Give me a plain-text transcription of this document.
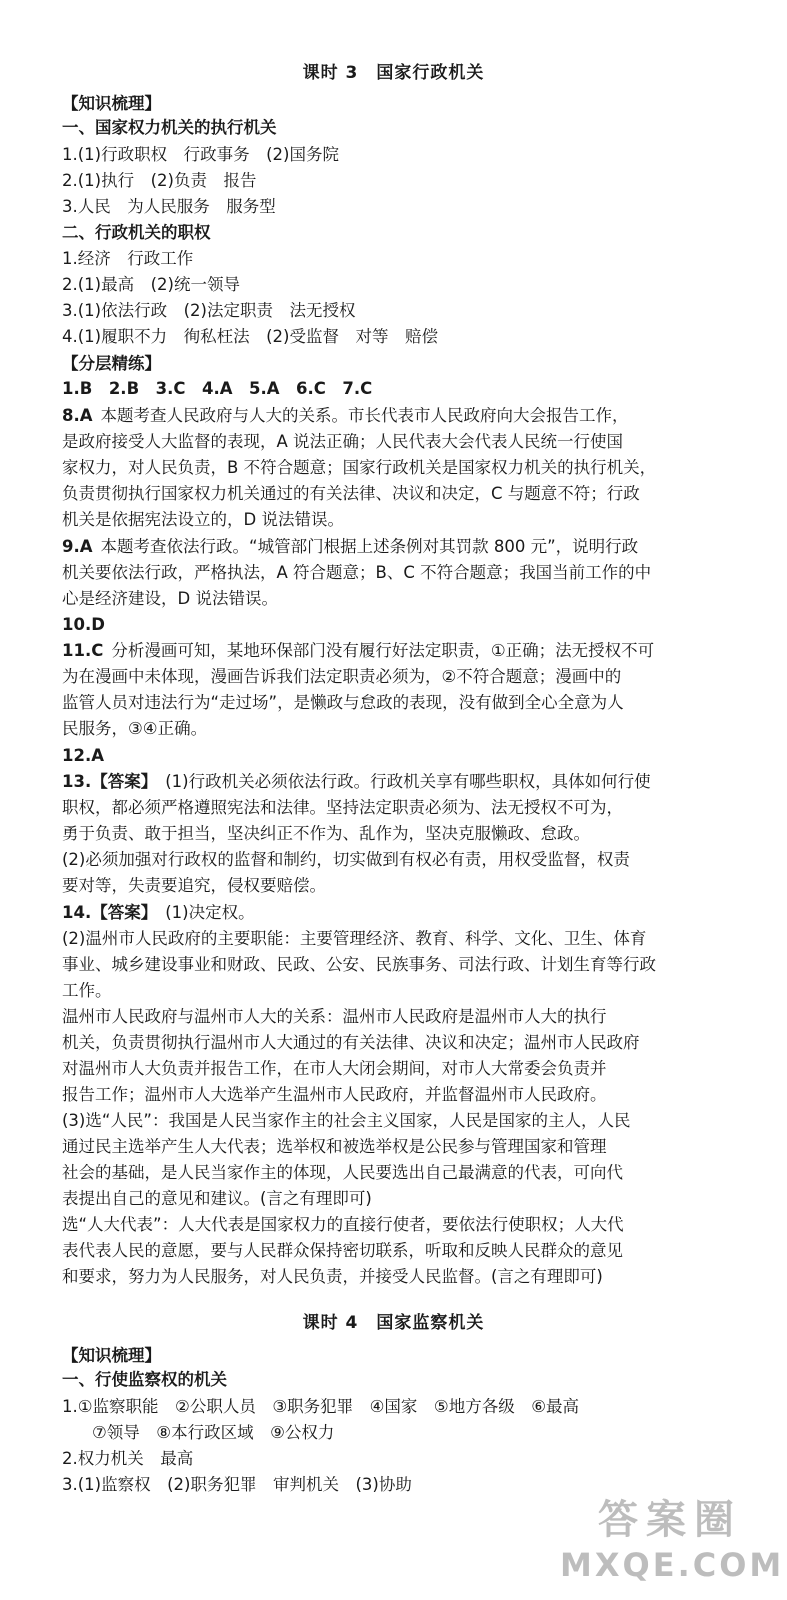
课时 3　国家行政机关
【知识梳理】
一、国家权力机关的执行机关
1.(1)行政职权　行政事务　(2)国务院
2.(1)执行　(2)负责　报告
3.人民　为人民服务　服务型
二、行政机关的职权
1.经济　行政工作
2.(1)最高　(2)统一领导
3.(1)依法行政　(2)法定职责　法无授权
4.(1)履职不力　徇私枉法　(2)受监督　对等　赔偿
【分层精练】
1.B　2.B　3.C　4.A　5.A　6.C　7.C
8.A 本题考查人民政府与人大的关系。市长代表市人民政府向大会报告工作，
是政府接受人大监督的表现，A 说法正确；人民代表大会代表人民统一行使国
家权力，对人民负责，B 不符合题意；国家行政机关是国家权力机关的执行机关，
负责贯彻执行国家权力机关通过的有关法律、决议和决定，C 与题意不符；行政
机关是依据宪法设立的，D 说法错误。
9.A 本题考查依法行政。“城管部门根据上述条例对其罚款 800 元”，说明行政
机关要依法行政，严格执法，A 符合题意；B、C 不符合题意；我国当前工作的中
心是经济建设，D 说法错误。
10.D
11.C 分析漫画可知，某地环保部门没有履行好法定职责，①正确；法无授权不可
为在漫画中未体现，漫画告诉我们法定职责必须为，②不符合题意；漫画中的
监管人员对违法行为“走过场”，是懒政与怠政的表现，没有做到全心全意为人
民服务，③④正确。
12.A
13.【答案】 (1)行政机关必须依法行政。行政机关享有哪些职权，具体如何行使
职权，都必须严格遵照宪法和法律。坚持法定职责必须为、法无授权不可为，
勇于负责、敢于担当，坚决纠正不作为、乱作为，坚决克服懒政、怠政。
(2)必须加强对行政权的监督和制约，切实做到有权必有责，用权受监督，权责
要对等，失责要追究，侵权要赔偿。
14.【答案】 (1)决定权。
(2)温州市人民政府的主要职能：主要管理经济、教育、科学、文化、卫生、体育
事业、城乡建设事业和财政、民政、公安、民族事务、司法行政、计划生育等行政
工作。
温州市人民政府与温州市人大的关系：温州市人民政府是温州市人大的执行
机关，负责贯彻执行温州市人大通过的有关法律、决议和决定；温州市人民政府
对温州市人大负责并报告工作，在市人大闭会期间，对市人大常委会负责并
报告工作；温州市人大选举产生温州市人民政府，并监督温州市人民政府。
(3)选“人民”：我国是人民当家作主的社会主义国家，人民是国家的主人，人民
通过民主选举产生人大代表；选举权和被选举权是公民参与管理国家和管理
社会的基础，是人民当家作主的体现，人民要选出自己最满意的代表，可向代
表提出自己的意见和建议。(言之有理即可)
选“人大代表”：人大代表是国家权力的直接行使者，要依法行使职权；人大代
表代表人民的意愿，要与人民群众保持密切联系，听取和反映人民群众的意见
和要求，努力为人民服务，对人民负责，并接受人民监督。(言之有理即可)
课时 4　国家监察机关
【知识梳理】
一、行使监察权的机关
1.①监察职能　②公职人员　③职务犯罪　④国家　⑤地方各级　⑥最高
⑦领导　⑧本行政区域　⑨公权力
2.权力机关　最高
3.(1)监察权　(2)职务犯罪　审判机关　(3)协助
答案圈
MXQE.COM
